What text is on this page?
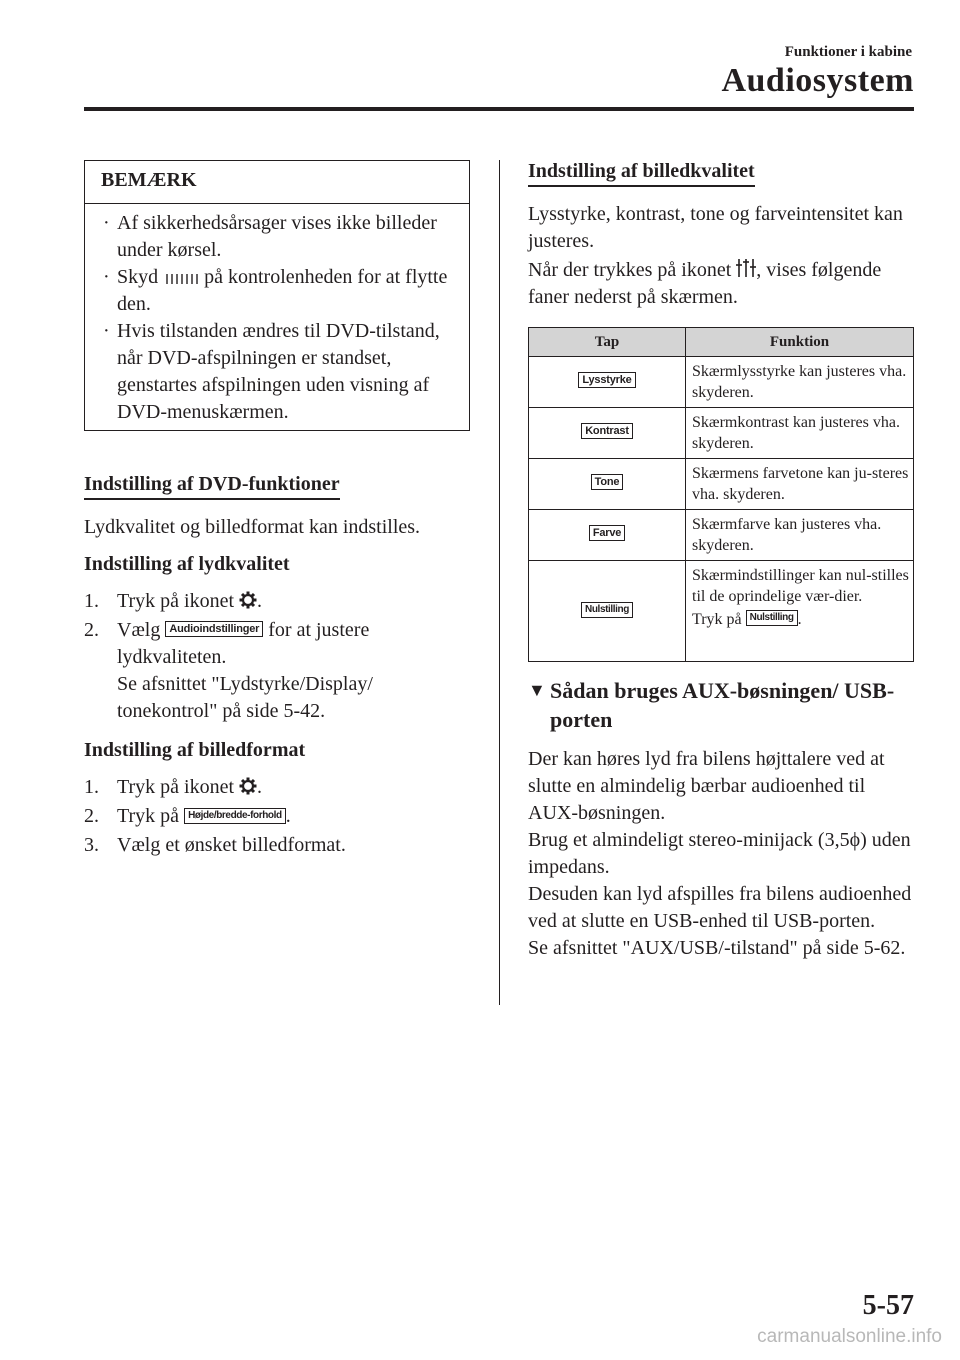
Funktioner i kabine
Audiosystem
BEMÆRK
· Af sikkerhedsårsager vises ikke billeder under kørsel.
· Skyd på kontrolenheden for at flytte den.
· Hvis tilstanden ændres til DVD-tilstand, når DVD-afspilningen er standset, genstartes afspilningen uden visning af DVD-menuskærmen.
Indstilling af DVD-funktioner
Lydkvalitet og billedformat kan indstilles.
Indstilling af lydkvalitet
1. Tryk på ikonet .
2. Vælg Audioindstillinger for at justere lydkvaliteten.
Se afsnittet "Lydstyrke/Display/ tonekontrol" på side 5-42.
Indstilling af billedformat
1. Tryk på ikonet .
2. Tryk på Højde/bredde-forhold .
3. Vælg et ønsket billedformat.
Indstilling af billedkvalitet
Lysstyrke, kontrast, tone og farveintensitet kan justeres.
Når der trykkes på ikonet , vises følgende faner nederst på skærmen.
Tap	Funktion
Lysstyrke	Skærmlysstyrke kan justeres vha. skyderen.
Kontrast	Skærmkontrast kan justeres vha. skyderen.
Tone	Skærmens farvetone kan ju-steres vha. skyderen.
Farve	Skærmfarve kan justeres vha. skyderen.
Nulstilling	Skærmindstillinger kan nul-stilles til de oprindelige vær-dier.
Tryk på Nulstilling .
▼ Sådan bruges AUX-bøsningen/ USB-porten
Der kan høres lyd fra bilens højttalere ved at slutte en almindelig bærbar audioenhed til AUX-bøsningen.
Brug et almindeligt stereo-minijack (3,5ϕ) uden impedans.
Desuden kan lyd afspilles fra bilens audioenhed ved at slutte en USB-enhed til USB-porten.
Se afsnittet "AUX/USB/-tilstand" på side 5-62.
5-57
carmanualsonline.info
